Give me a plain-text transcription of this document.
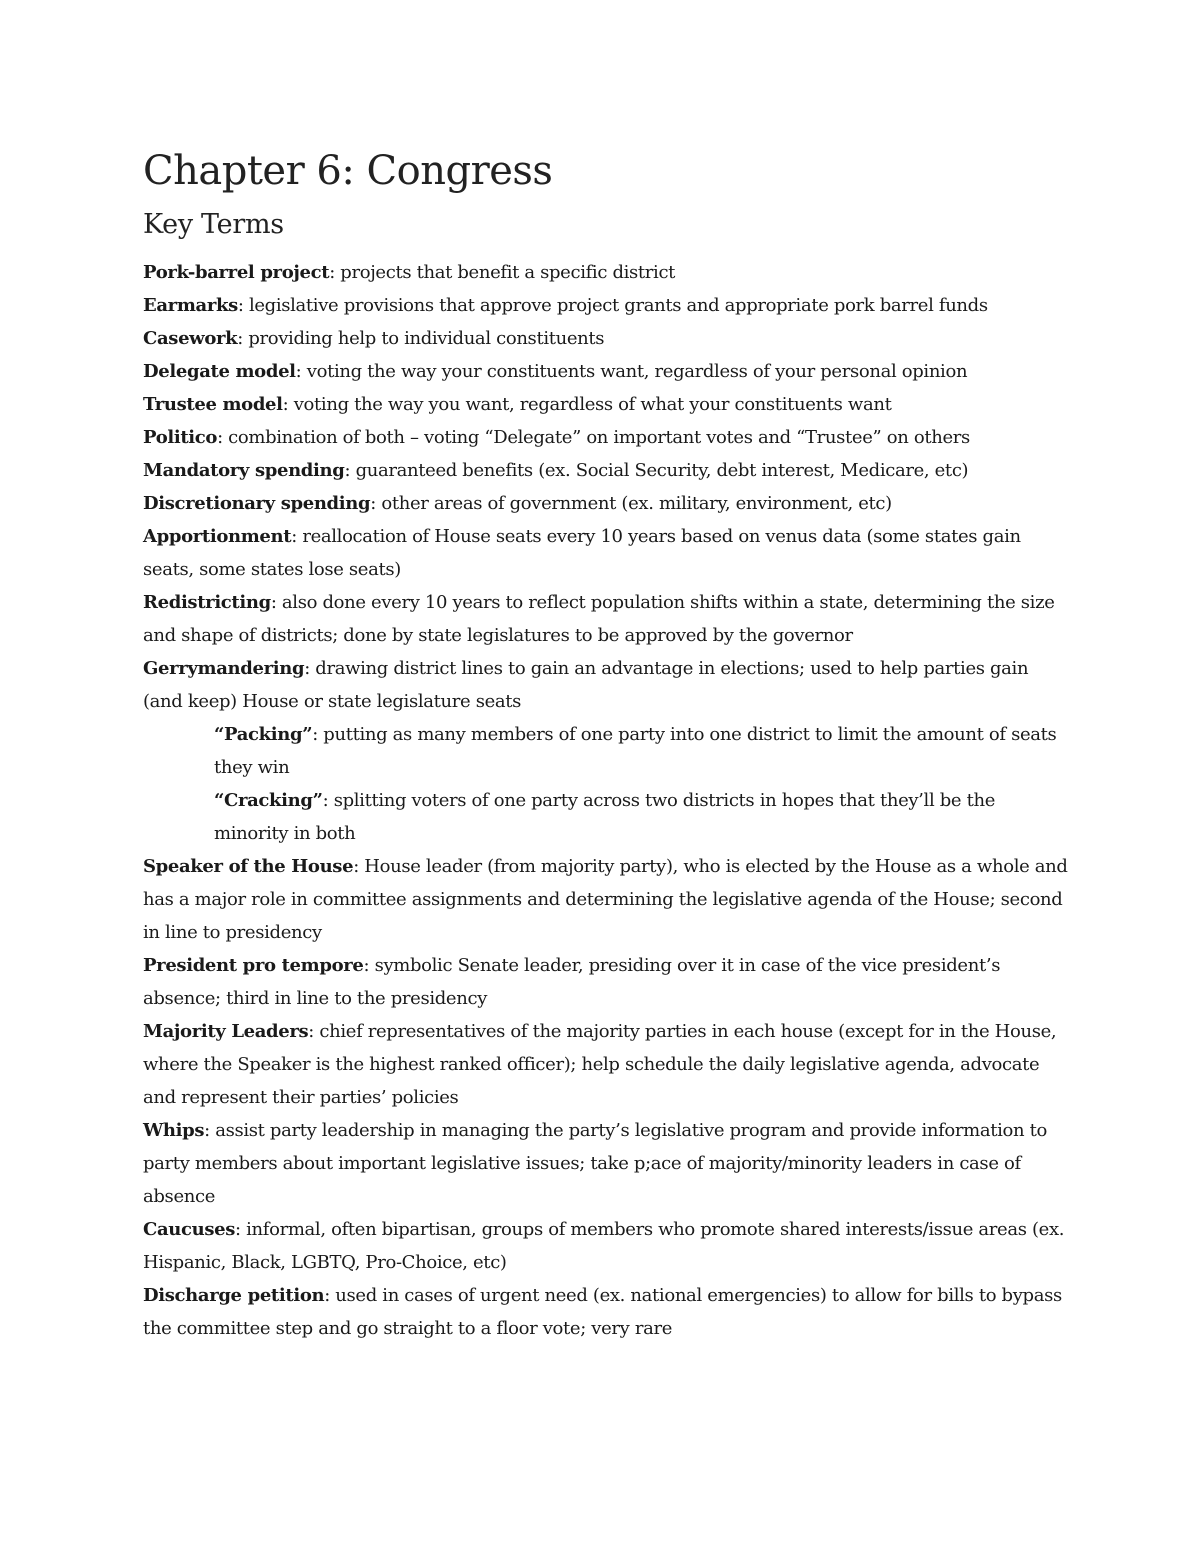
Chapter 6: Congress
Key Terms
Pork-barrel project: projects that benefit a specific district
Earmarks: legislative provisions that approve project grants and appropriate pork barrel funds
Casework: providing help to individual constituents
Delegate model: voting the way your constituents want, regardless of your personal opinion
Trustee model: voting the way you want, regardless of what your constituents want
Politico: combination of both – voting “Delegate” on important votes and “Trustee” on others
Mandatory spending: guaranteed benefits (ex. Social Security, debt interest, Medicare, etc)
Discretionary spending: other areas of government (ex. military, environment, etc)
Apportionment: reallocation of House seats every 10 years based on venus data (some states gain seats, some states lose seats)
Redistricting: also done every 10 years to reflect population shifts within a state, determining the size and shape of districts; done by state legislatures to be approved by the governor
Gerrymandering: drawing district lines to gain an advantage in elections; used to help parties gain (and keep) House or state legislature seats
“Packing”: putting as many members of one party into one district to limit the amount of seats they win
“Cracking”: splitting voters of one party across two districts in hopes that they’ll be the minority in both
Speaker of the House: House leader (from majority party), who is elected by the House as a whole and has a major role in committee assignments and determining the legislative agenda of the House; second in line to presidency
President pro tempore: symbolic Senate leader, presiding over it in case of the vice president’s absence; third in line to the presidency
Majority Leaders: chief representatives of the majority parties in each house (except for in the House, where the Speaker is the highest ranked officer); help schedule the daily legislative agenda, advocate and represent their parties’ policies
Whips: assist party leadership in managing the party’s legislative program and provide information to party members about important legislative issues; take p;ace of majority/minority leaders in case of absence
Caucuses: informal, often bipartisan, groups of members who promote shared interests/issue areas (ex. Hispanic, Black, LGBTQ, Pro-Choice, etc)
Discharge petition: used in cases of urgent need (ex. national emergencies) to allow for bills to bypass the committee step and go straight to a floor vote; very rare
